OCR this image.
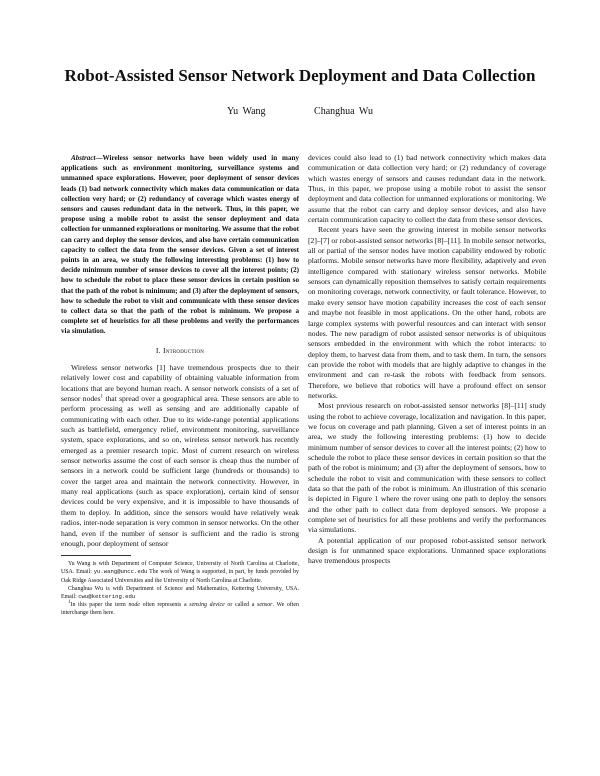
Robot-Assisted Sensor Network Deployment and Data Collection
Yu Wang	Changhua Wu

Abstract—Wireless sensor networks have been widely used in many applications such as environment monitoring, surveillance systems and unmanned space explorations. However, poor deployment of sensor devices leads (1) bad network connectivity which makes data communication or data collection very hard; or (2) redundancy of coverage which wastes energy of sensors and causes redundant data in the network. Thus, in this paper, we propose using a mobile robot to assist the sensor deployment and data collection for unmanned explorations or monitoring. We assume that the robot can carry and deploy the sensor devices, and also have certain communication capacity to collect the data from the sensor devices. Given a set of interest points in an area, we study the following interesting problems: (1) how to decide minimum number of sensor devices to cover all the interest points; (2) how to schedule the robot to place these sensor devices in certain position so that the path of the robot is minimum; and (3) after the deployment of sensors, how to schedule the robot to visit and communicate with these sensor devices to collect data so that the path of the robot is minimum. We propose a complete set of heuristics for all these problems and verify the performances via simulation.

I. Introduction

Wireless sensor networks [1] have tremendous prospects due to their relatively lower cost and capability of obtaining valuable information from locations that are beyond human reach. A sensor network consists of a set of sensor nodes$^1$ that spread over a geographical area. These sensors are able to perform processing as well as sensing and are additionally capable of communicating with each other. Due to its wide-range potential applications such as battlefield, emergency relief, environment monitoring, surveillance system, space explorations, and so on, wireless sensor network has recently emerged as a premier research topic. Most of current research on wireless sensor networks assume the cost of each sensor is cheap thus the number of sensors in a network could be sufficient large (hundreds or thousands) to cover the target area and maintain the network connectivity. However, in many real applications (such as space exploration), certain kind of sensor devices could be very expensive, and it is impossible to have thousands of them to deploy. In addition, since the sensors would have relatively weak radios, inter-node separation is very common in sensor networks. On the other hand, even if the number of sensor is sufficient and the radio is strong enough, poor deployment of sensor

Yu Wang is with Department of Computer Science, University of North Carolina at Charlotte, USA. Email: yu.wang@uncc.edu The work of Wang is supported, in part, by funds provided by Oak Ridge Associated Universities and the University of North Carolina at Charlotte.

Changhua Wu is with Department of Science and Mathematics, Kettering University, USA. Email: cwu@kettering.edu

$^1$In this paper the term node often represents a sensing device or called a sensor. We often interchange them here.

devices could also lead to (1) bad network connectivity which makes data communication or data collection very hard; or (2) redundancy of coverage which wastes energy of sensors and causes redundant data in the network. Thus, in this paper, we propose using a mobile robot to assist the sensor deployment and data collection for unmanned explorations or monitoring. We assume that the robot can carry and deploy sensor devices, and also have certain communication capacity to collect the data from these sensor devices.

Recent years have seen the growing interest in mobile sensor networks [2]–[7] or robot-assisted sensor networks [8]–[11]. In mobile sensor networks, all or partial of the sensor nodes have motion capability endowed by robotic platforms. Mobile sensor networks have more flexibility, adaptively and even intelligence compared with stationary wireless sensor networks. Mobile sensors can dynamically reposition themselves to satisfy certain requirements on monitoring coverage, network connectivity, or fault tolerance. However, to make every sensor have motion capability increases the cost of each sensor and maybe not feasible in most applications. On the other hand, robots are large complex systems with powerful resources and can interact with sensor nodes. The new paradigm of robot assisted sensor networks is of ubiquitous sensors embedded in the environment with which the robot interacts: to deploy them, to harvest data from them, and to task them. In turn, the sensors can provide the robot with models that are highly adaptive to changes in the environment and can re-task the robots with feedback from sensors. Therefore, we believe that robotics will have a profound effect on sensor networks.

Most previous research on robot-assisted sensor networks [8]–[11] study using the robot to achieve coverage, localization and navigation. In this paper, we focus on coverage and path planning. Given a set of interest points in an area, we study the following interesting problems: (1) how to decide minimum number of sensor devices to cover all the interest points; (2) how to schedule the robot to place these sensor devices in certain position so that the path of the robot is minimum; and (3) after the deployment of sensors, how to schedule the robot to visit and communication with these sensors to collect data so that the path of the robot is minimum. An illustration of this scenario is depicted in Figure 1 where the rover using one path to deploy the sensors and the other path to collect data from deployed sensors. We propose a complete set of heuristics for all these problems and verify the performances via simulations.

A potential application of our proposed robot-assisted sensor network design is for unmanned space explorations. Unmanned space explorations have tremendous prospects
